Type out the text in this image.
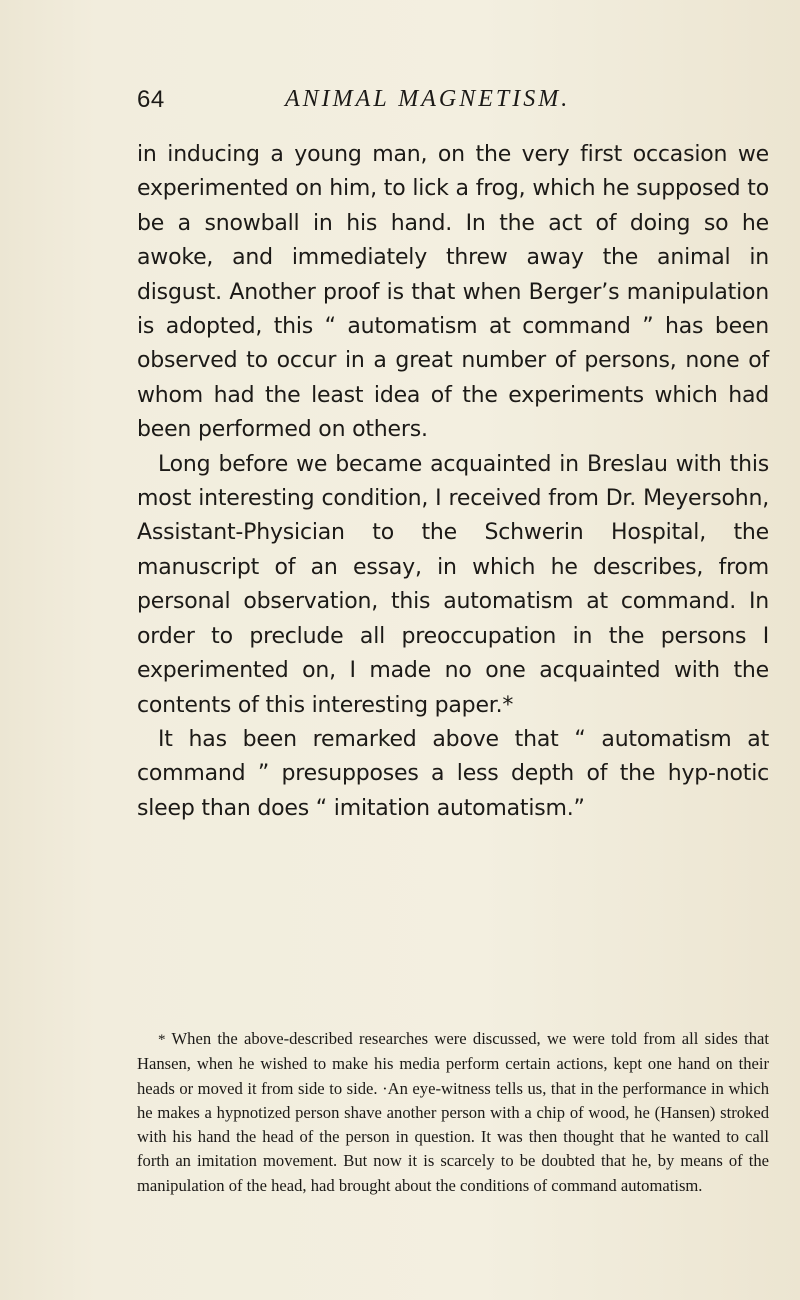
64	ANIMAL MAGNETISM.

in inducing a young man, on the very first occasion we experimented on him, to lick a frog, which he supposed to be a snowball in his hand. In the act of doing so he awoke, and immediately threw away the animal in disgust. Another proof is that when Berger’s manipulation is adopted, this “ automatism at command ” has been observed to occur in a great number of persons, none of whom had the least idea of the experiments which had been performed on others.

Long before we became acquainted in Breslau with this most interesting condition, I received from Dr. Meyersohn, Assistant-Physician to the Schwerin Hospital, the manuscript of an essay, in which he describes, from personal observation, this automatism at command. In order to preclude all preoccupation in the persons I experimented on, I made no one acquainted with the contents of this interesting paper.*

It has been remarked above that “ automatism at command ” presupposes a less depth of the hyp-notic sleep than does “ imitation automatism.”

* When the above-described researches were discussed, we were told from all sides that Hansen, when he wished to make his media perform certain actions, kept one hand on their heads or moved it from side to side. ·An eye-witness tells us, that in the performance in which he makes a hypnotized person shave another person with a chip of wood, he (Hansen) stroked with his hand the head of the person in question. It was then thought that he wanted to call forth an imitation movement. But now it is scarcely to be doubted that he, by means of the manipulation of the head, had brought about the conditions of command automatism.
